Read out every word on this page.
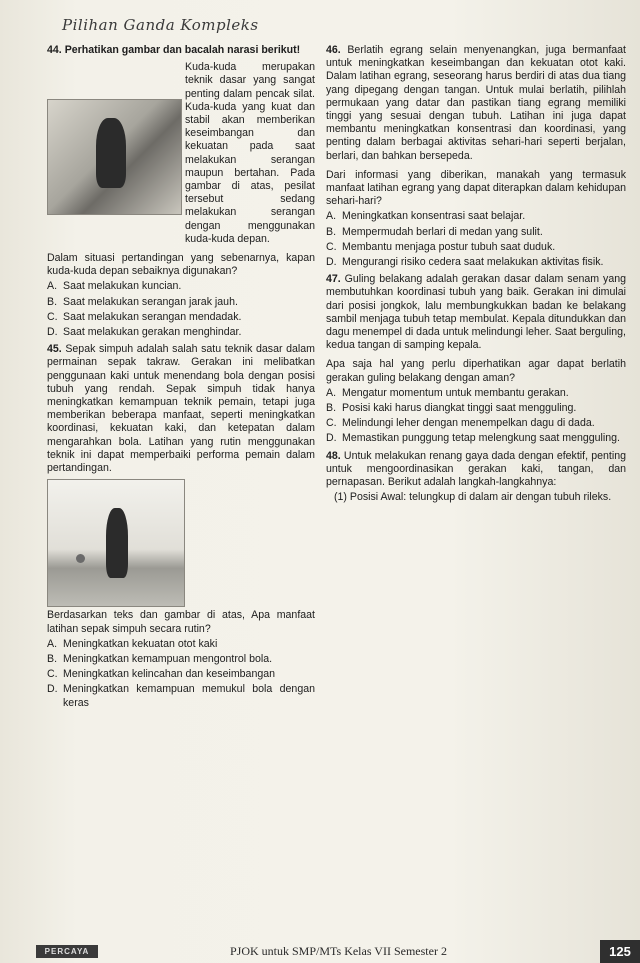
Pilihan Ganda Kompleks

44. Perhatikan gambar dan bacalah narasi berikut!

Kuda-kuda merupakan teknik dasar yang sangat penting dalam pencak silat. Kuda-kuda yang kuat dan stabil akan memberikan keseimbangan dan kekuatan pada saat melakukan serangan maupun bertahan. Pada gambar di atas, pesilat tersebut sedang melakukan serangan dengan menggunakan kuda-kuda depan.

Dalam situasi pertandingan yang sebenarnya, kapan kuda-kuda depan sebaiknya digunakan?

A. Saat melakukan kuncian.
B. Saat melakukan serangan jarak jauh.
C. Saat melakukan serangan mendadak.
D. Saat melakukan gerakan menghindar.

45. Sepak simpuh adalah salah satu teknik dasar dalam permainan sepak takraw. Gerakan ini melibatkan penggunaan kaki untuk menendang bola dengan posisi tubuh yang rendah. Sepak simpuh tidak hanya meningkatkan kemampuan teknik pemain, tetapi juga memberikan beberapa manfaat, seperti meningkatkan koordinasi, kekuatan kaki, dan ketepatan dalam mengarahkan bola. Latihan yang rutin menggunakan teknik ini dapat memperbaiki performa pemain dalam pertandingan.

Berdasarkan teks dan gambar di atas, Apa manfaat latihan sepak simpuh secara rutin?

A. Meningkatkan kekuatan otot kaki
B. Meningkatkan kemampuan mengontrol bola.
C. Meningkatkan kelincahan dan keseimbangan
D. Meningkatkan kemampuan memukul bola dengan keras

46. Berlatih egrang selain menyenangkan, juga bermanfaat untuk meningkatkan keseimbangan dan kekuatan otot kaki. Dalam latihan egrang, seseorang harus berdiri di atas dua tiang yang dipegang dengan tangan. Untuk mulai berlatih, pilihlah permukaan yang datar dan pastikan tiang egrang memiliki tinggi yang sesuai dengan tubuh. Latihan ini juga dapat membantu meningkatkan konsentrasi dan koordinasi, yang penting dalam berbagai aktivitas sehari-hari seperti berjalan, berlari, dan bahkan bersepeda.

Dari informasi yang diberikan, manakah yang termasuk manfaat latihan egrang yang dapat diterapkan dalam kehidupan sehari-hari?

A. Meningkatkan konsentrasi saat belajar.
B. Mempermudah berlari di medan yang sulit.
C. Membantu menjaga postur tubuh saat duduk.
D. Mengurangi risiko cedera saat melakukan aktivitas fisik.

47. Guling belakang adalah gerakan dasar dalam senam yang membutuhkan koordinasi tubuh yang baik. Gerakan ini dimulai dari posisi jongkok, lalu membungkukkan badan ke belakang sambil menjaga tubuh tetap membulat. Kepala ditundukkan dan dagu menempel di dada untuk melindungi leher. Saat berguling, kedua tangan di samping kepala.

Apa saja hal yang perlu diperhatikan agar dapat berlatih gerakan guling belakang dengan aman?

A. Mengatur momentum untuk membantu gerakan.
B. Posisi kaki harus diangkat tinggi saat mengguling.
C. Melindungi leher dengan menempelkan dagu di dada.
D. Memastikan punggung tetap melengkung saat mengguling.

48. Untuk melakukan renang gaya dada dengan efektif, penting untuk mengoordinasikan gerakan kaki, tangan, dan pernapasan. Berikut adalah langkah-langkahnya:

(1) Posisi Awal: telungkup di dalam air dengan tubuh rileks.

PERCAYA	PJOK untuk SMP/MTs Kelas VII Semester 2	125
